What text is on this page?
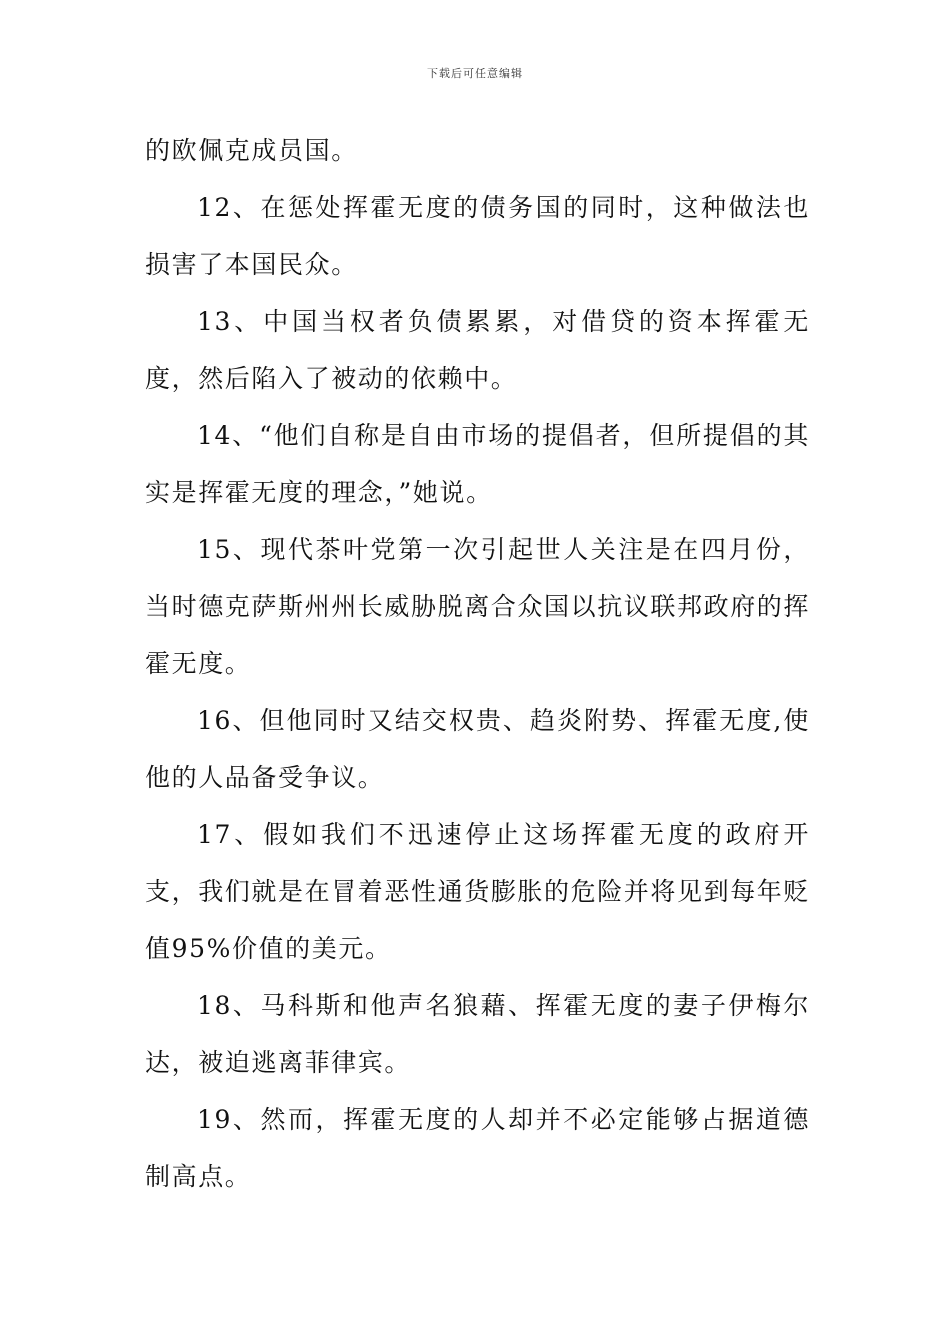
下载后可任意编辑

的欧佩克成员国。

12、在惩处挥霍无度的债务国的同时，这种做法也损害了本国民众。

13、中国当权者负债累累，对借贷的资本挥霍无度，然后陷入了被动的依赖中。

14、“他们自称是自由市场的提倡者，但所提倡的其实是挥霍无度的理念，”她说。

15、现代茶叶党第一次引起世人关注是在四月份，当时德克萨斯州州长威胁脱离合众国以抗议联邦政府的挥霍无度。

16、但他同时又结交权贵、趋炎附势、挥霍无度,使他的人品备受争议。

17、假如我们不迅速停止这场挥霍无度的政府开支，我们就是在冒着恶性通货膨胀的危险并将见到每年贬值95%价值的美元。

18、马科斯和他声名狼藉、挥霍无度的妻子伊梅尔达，被迫逃离菲律宾。

19、然而，挥霍无度的人却并不必定能够占据道德制高点。
